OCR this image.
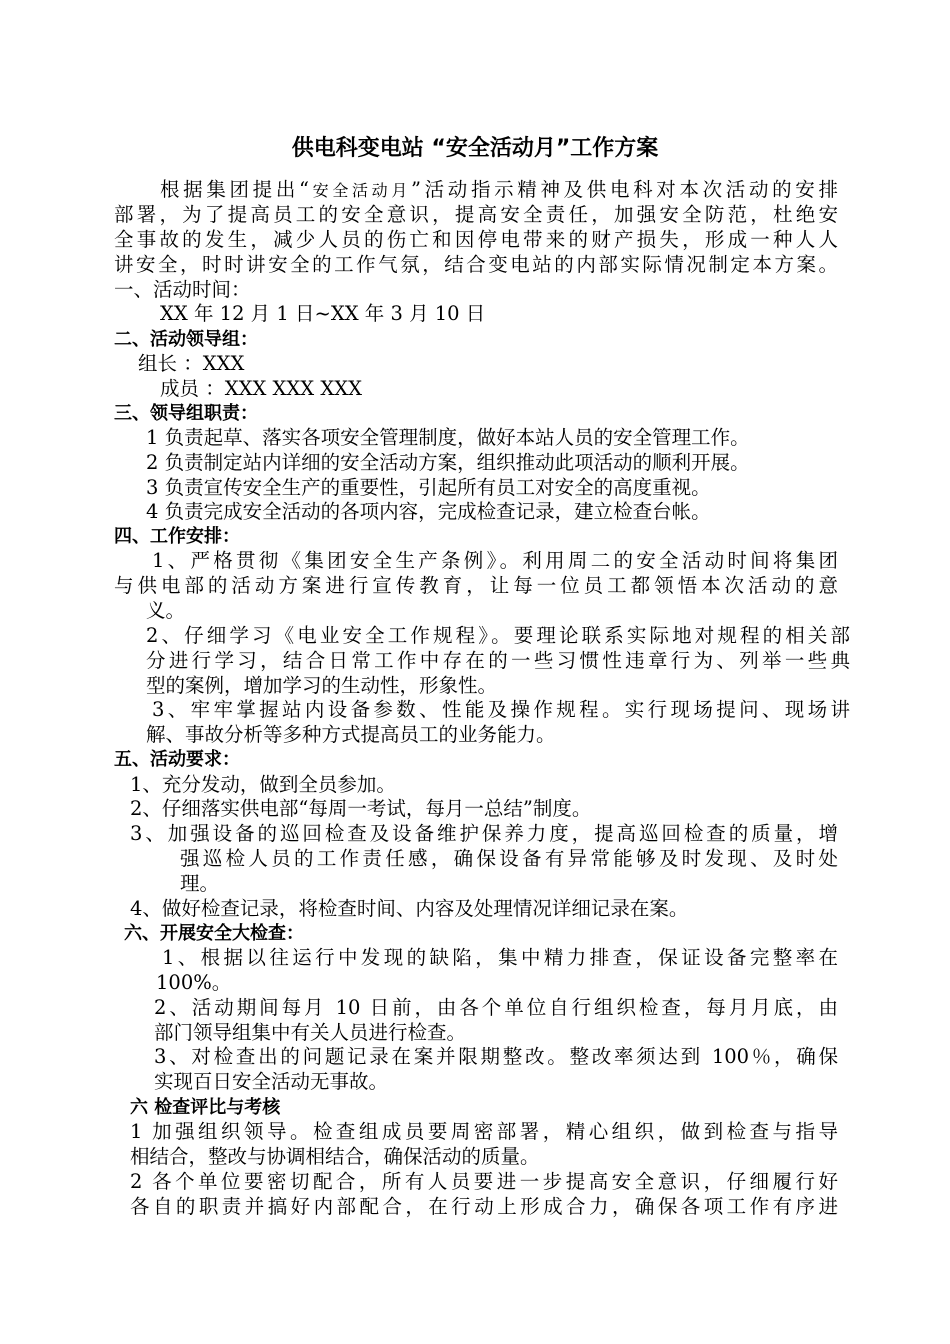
供电科变电站 “安全活动月”工作方案
根据集团提出“安全活动月”活动指示精神及供电科对本次活动的安排
部署，为了提高员工的安全意识，提高安全责任，加强安全防范，杜绝安
全事故的发生，减少人员的伤亡和因停电带来的财产损失，形成一种人人
讲安全，时时讲安全的工作气氛，结合变电站的内部实际情况制定本方案。
一、活动时间：
XX 年 12 月 1 日~XX 年 3 月 10 日
二、活动领导组：
组长 ：XXX
成员 ：XXX XXX XXX
三、领导组职责：
1 负责起草、落实各项安全管理制度，做好本站人员的安全管理工作。
2 负责制定站内详细的安全活动方案，组织推动此项活动的顺利开展。
3 负责宣传安全生产的重要性，引起所有员工对安全的高度重视。
4 负责完成安全活动的各项内容，完成检查记录，建立检查台帐。
四、工作安排：
1、严格贯彻《集团安全生产条例》。利用周二的安全活动时间将集团
与供电部的活动方案进行宣传教育，让每一位员工都领悟本次活动的意
义。
2、仔细学习《电业安全工作规程》。要理论联系实际地对规程的相关部
分进行学习，结合日常工作中存在的一些习惯性违章行为、列举一些典
型的案例，增加学习的生动性，形象性。
3、牢牢掌握站内设备参数、性能及操作规程。实行现场提问、现场讲
解、事故分析等多种方式提高员工的业务能力。
五、活动要求：
1、充分发动，做到全员参加。
2、仔细落实供电部“每周一考试，每月一总结”制度。
3、加强设备的巡回检查及设备维护保养力度，提高巡回检查的质量，增
强巡检人员的工作责任感，确保设备有异常能够及时发现、及时处
理。
4、做好检查记录，将检查时间、内容及处理情况详细记录在案。
六、开展安全大检查：
1、根据以往运行中发现的缺陷，集中精力排查，保证设备完整率在
100%。
2、活动期间每月 10 日前，由各个单位自行组织检查，每月月底，由
部门领导组集中有关人员进行检查。
3、对检查出的问题记录在案并限期整改。整改率须达到 100％，确保
实现百日安全活动无事故。
六 检查评比与考核
1 加强组织领导。检查组成员要周密部署，精心组织，做到检查与指导
相结合，整改与协调相结合，确保活动的质量。
2 各个单位要密切配合，所有人员要进一步提高安全意识，仔细履行好
各自的职责并搞好内部配合，在行动上形成合力，确保各项工作有序进
